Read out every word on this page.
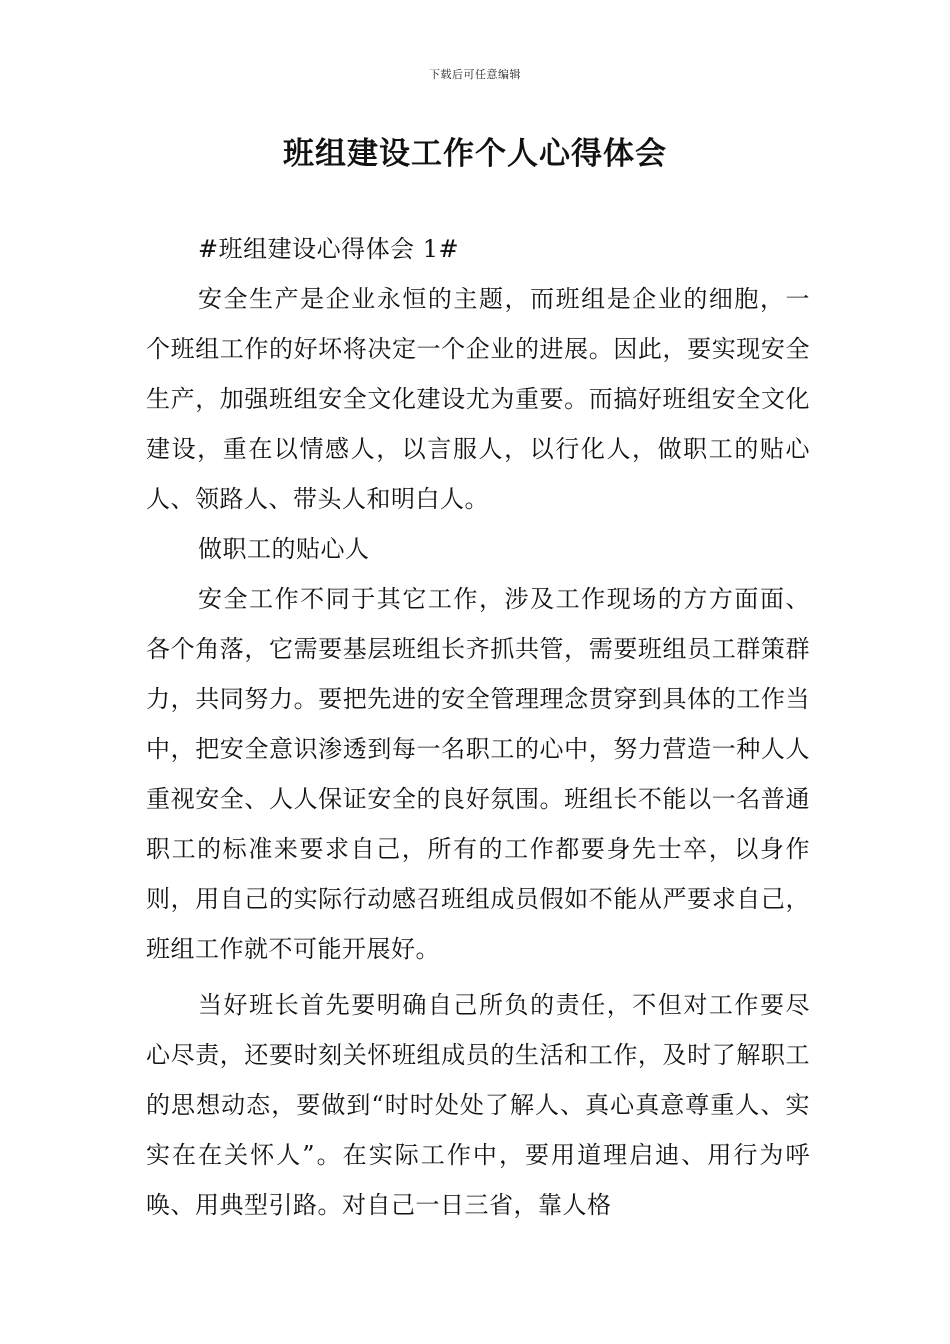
下载后可任意编辑
班组建设工作个人心得体会

#班组建设心得体会 1#

安全生产是企业永恒的主题，而班组是企业的细胞，一个班组工作的好坏将决定一个企业的进展。因此，要实现安全生产，加强班组安全文化建设尤为重要。而搞好班组安全文化建设，重在以情感人，以言服人，以行化人，做职工的贴心人、领路人、带头人和明白人。

做职工的贴心人

安全工作不同于其它工作，涉及工作现场的方方面面、各个角落，它需要基层班组长齐抓共管，需要班组员工群策群力，共同努力。要把先进的安全管理理念贯穿到具体的工作当中，把安全意识渗透到每一名职工的心中，努力营造一种人人重视安全、人人保证安全的良好氛围。班组长不能以一名普通职工的标准来要求自己，所有的工作都要身先士卒，以身作则，用自己的实际行动感召班组成员假如不能从严要求自己，班组工作就不可能开展好。

当好班长首先要明确自己所负的责任，不但对工作要尽心尽责，还要时刻关怀班组成员的生活和工作，及时了解职工的思想动态，要做到“时时处处了解人、真心真意尊重人、实实在在关怀人”。在实际工作中，要用道理启迪、用行为呼唤、用典型引路。对自己一日三省，靠人格
